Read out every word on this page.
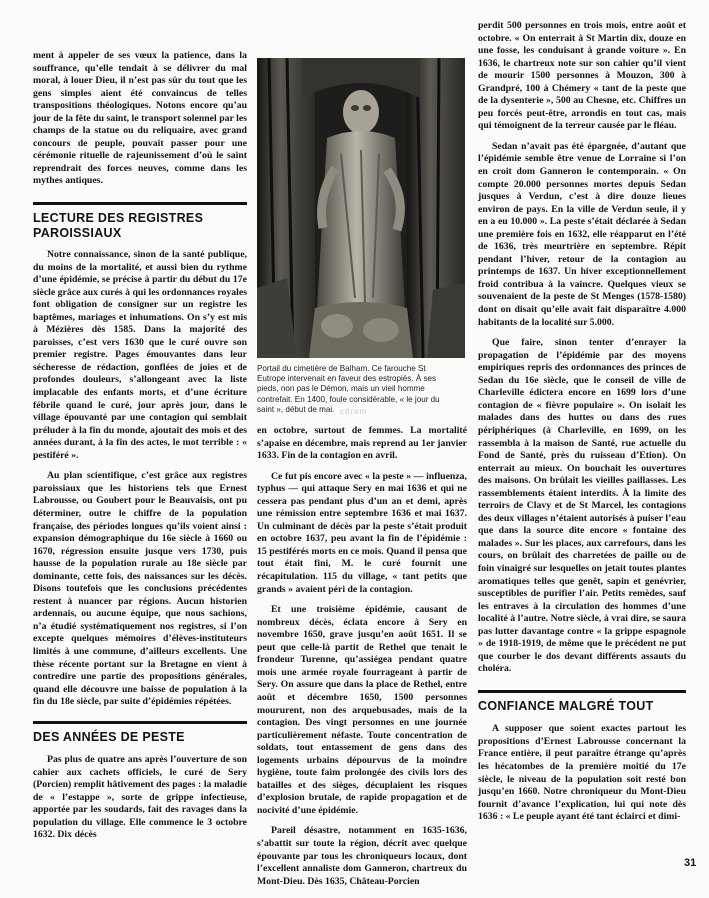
ment à appeler de ses vœux la patience, dans la souffrance, qu’elle tendait à se délivrer du mal moral, à louer Dieu, il n’est pas sûr du tout que les gens simples aient été convaincus de telles transpositions théologiques. Notons encore qu’au jour de la fête du saint, le transport solennel par les champs de la statue ou du reliquaire, avec grand concours de peuple, pouvait passer pour une cérémonie rituelle de rajeunissement d’où le saint reprendrait des forces neuves, comme dans les mythes antiques.

LECTURE DES REGISTRES PAROISSIAUX

Notre connaissance, sinon de la santé publique, du moins de la mortalité, et aussi bien du rythme d’une épidémie, se précise à partir du début du 17e siècle grâce aux curés à qui les ordonnances royales font obligation de consigner sur un registre les baptêmes, mariages et inhumations. On s’y est mis à Mézières dès 1585. Dans la majorité des paroisses, c’est vers 1630 que le curé ouvre son premier registre. Pages émouvantes dans leur sécheresse de rédaction, gonflées de joies et de profondes douleurs, s’allongeant avec la liste implacable des enfants morts, et d’une écriture fébrile quand le curé, jour après jour, dans le village épouvanté par une contagion qui semblait préluder à la fin du monde, ajoutait des mois et des années durant, à la fin des actes, le mot terrible : « pestiféré ».

Au plan scientifique, c’est grâce aux registres paroissiaux que les historiens tels que Ernest Labrousse, ou Goubert pour le Beauvaisis, ont pu déterminer, outre le chiffre de la population française, des périodes longues qu’ils voient ainsi : expansion démographique du 16e siècle à 1660 ou 1670, régression ensuite jusque vers 1730, puis hausse de la population rurale au 18e siècle par dominante, cette fois, des naissances sur les décès. Disons toutefois que les conclusions précédentes restent à nuancer par régions. Aucun historien ardennais, ou aucune équipe, que nous sachions, n’a étudié systématiquement nos registres, si l’on excepte quelques mémoires d’élèves-instituteurs limités à une commune, d’ailleurs excellents. Une thèse récente portant sur la Bretagne en vient à contredire une partie des propositions générales, quand elle découvre une baisse de population à la fin du 18e siècle, par suite d’épidémies répétées.

DES ANNÉES DE PESTE

Pas plus de quatre ans après l’ouverture de son cahier aux cachets officiels, le curé de Sery (Porcien) remplit hâtivement des pages : la maladie de « l’estappe », sorte de grippe infectieuse, apportée par les soudards, fait des ravages dans la population du village. Elle commence le 3 octobre 1632. Dix décès

Portail du cimetière de Balham. Ce farouche St Eutrope intervenait en faveur des estropiés. À ses pieds, non pas le Démon, mais un vieil homme contrefait. En 1400, foule considérable, « le jour du saint », début de mai.

en octobre, surtout de femmes. La mortalité s’apaise en décembre, mais reprend au 1er janvier 1633. Fin de la contagion en avril.

Ce fut pis encore avec « la peste » — influenza, typhus — qui attaque Sery en mai 1636 et qui ne cessera pas pendant plus d’un an et demi, après une rémission entre septembre 1636 et mai 1637. Un culminant de décès par la peste s’était produit en octobre 1637, peu avant la fin de l’épidémie : 15 pestiférés morts en ce mois. Quand il pensa que tout était fini, M. le curé fournit une récapitulation. 115 du village, « tant petits que grands » avaient péri de la contagion.

Et une troisième épidémie, causant de nombreux décès, éclata encore à Sery en novembre 1650, grave jusqu’en août 1651. Il se peut que celle-là partit de Rethel que tenait le frondeur Turenne, qu’assiégea pendant quatre mois une armée royale fourrageant à partir de Sery. On assure que dans la place de Rethel, entre août et décembre 1650, 1500 personnes moururent, non des arquebusades, mais de la contagion. Des vingt personnes en une journée particulièrement néfaste. Toute concentration de soldats, tout entassement de gens dans des logements urbains dépourvus de la moindre hygiène, toute faim prolongée des civils lors des batailles et des sièges, décuplaient les risques d’explosion brutale, de rapide propagation et de nocivité d’une épidémie.

Pareil désastre, notamment en 1635-1636, s’abattit sur toute la région, décrit avec quelque épouvante par tous les chroniqueurs locaux, dont l’excellent annaliste dom Ganneron, chartreux du Mont-Dieu. Dès 1635, Château-Porcien

perdit 500 personnes en trois mois, entre août et octobre. « On enterrait à St Martin dix, douze en une fosse, les conduisant à grande voiture ». En 1636, le chartreux note sur son cahier qu’il vient de mourir 1500 personnes à Mouzon, 300 à Grandpré, 100 à Chémery « tant de la peste que de la dysenterie », 500 au Chesne, etc. Chiffres un peu forcés peut-être, arrondis en tout cas, mais qui témoignent de la terreur causée par le fléau.

Sedan n’avait pas été épargnée, d’autant que l’épidémie semble être venue de Lorraine si l’on en croit dom Ganneron le contemporain. « On compte 20.000 personnes mortes depuis Sedan jusques à Verdun, c’est à dire douze lieues environ de pays. En la ville de Verdun seule, il y en a eu 10.000 ». La peste s’était déclarée à Sedan une première fois en 1632, elle réapparut en l’été de 1636, très meurtrière en septembre. Répit pendant l’hiver, retour de la contagion au printemps de 1637. Un hiver exceptionnellement froid contribua à la vaincre. Quelques vieux se souvenaient de la peste de St Menges (1578-1580) dont on disait qu’elle avait fait disparaître 4.000 habitants de la localité sur 5.000.

Que faire, sinon tenter d’enrayer la propagation de l’épidémie par des moyens empiriques repris des ordonnances des princes de Sedan du 16e siècle, que le conseil de ville de Charleville édictera encore en 1699 lors d’une contagion de « fièvre populaire ». On isolait les malades dans des huttes ou dans des rues périphériques (à Charleville, en 1699, on les rassembla à la maison de Santé, rue actuelle du Fond de Santé, près du ruisseau d’Etion). On enterrait au mieux. On bouchait les ouvertures des maisons. On brûlait les vieilles paillasses. Les rassemblements étaient interdits. À la limite des terroirs de Clavy et de St Marcel, les contagions des deux villages n’étaient autorisés à puiser l’eau que dans la source dite encore « fontaine des malades ». Sur les places, aux carrefours, dans les cours, on brûlait des charretées de paille ou de foin vinaigré sur lesquelles on jetait toutes plantes aromatiques telles que genêt, sapin et genévrier, susceptibles de purifier l’air. Petits remèdes, sauf les entraves à la circulation des hommes d’une localité à l’autre. Notre siècle, à vrai dire, se saura pas lutter davantage contre « la grippe espagnole » de 1918-1919, de même que le précédent ne put que courber le dos devant différents assauts du choléra.

CONFIANCE MALGRÉ TOUT

A supposer que soient exactes partout les propositions d’Ernest Labrousse concernant la France entière, il peut paraître étrange qu’après les hécatombes de la première moitié du 17e siècle, le niveau de la population soit resté bon jusqu’en 1660. Notre chroniqueur du Mont-Dieu fournit d’avance l’explication, lui qui note dès 1636 : « Le peuple ayant été tant éclairci et dimi-

cdrom
31
